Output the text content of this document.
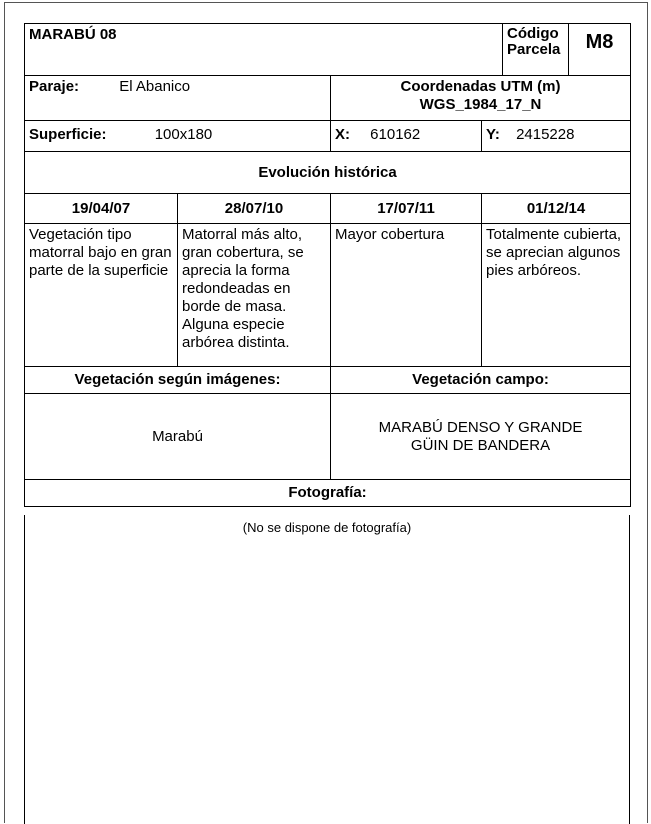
MARABÚ 08				Código
Parcela	M8
Paraje: El Abanico		Coordenadas UTM (m)
WGS_1984_17_N			

Superficie: 100x180		X: 610162	Y: 2415228		
Evolución histórica					
19/04/07	28/07/10	17/07/11	01/12/14		
Vegetación tipo matorral bajo en gran parte de la superficie	Matorral más alto, gran cobertura, se aprecia la forma redondeadas en borde de masa. Alguna especie arbórea distinta.	Mayor cobertura	Totalmente cubierta, se aprecian algunos pies arbóreos.		
Vegetación según imágenes:		Vegetación campo:			
Marabú		MARABÚ DENSO Y GRANDE
GÜIN DE BANDERA			

Fotografía:					
(No se dispone de fotografía)
